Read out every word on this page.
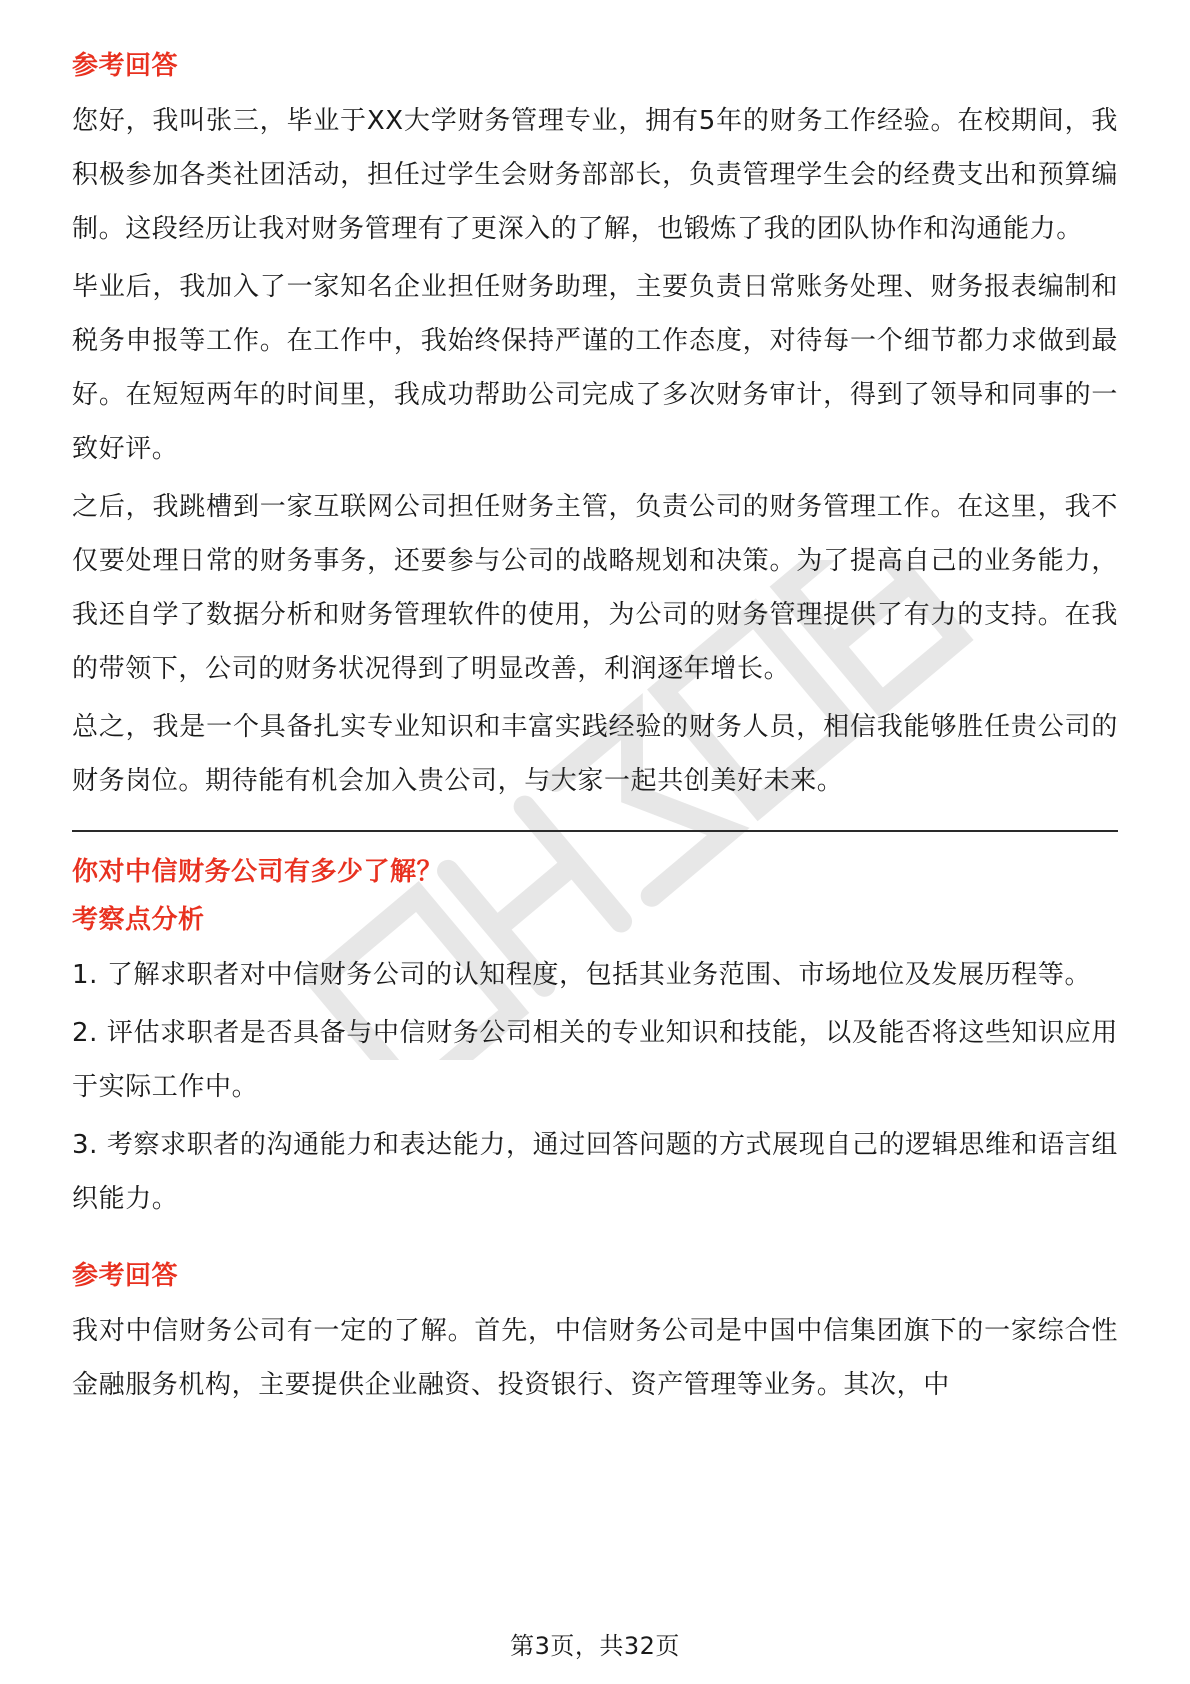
参考回答

您好，我叫张三，毕业于XX大学财务管理专业，拥有5年的财务工作经验。在校期间，我积极参加各类社团活动，担任过学生会财务部部长，负责管理学生会的经费支出和预算编制。这段经历让我对财务管理有了更深入的了解，也锻炼了我的团队协作和沟通能力。

毕业后，我加入了一家知名企业担任财务助理，主要负责日常账务处理、财务报表编制和税务申报等工作。在工作中，我始终保持严谨的工作态度，对待每一个细节都力求做到最好。在短短两年的时间里，我成功帮助公司完成了多次财务审计，得到了领导和同事的一致好评。

之后，我跳槽到一家互联网公司担任财务主管，负责公司的财务管理工作。在这里，我不仅要处理日常的财务事务，还要参与公司的战略规划和决策。为了提高自己的业务能力，我还自学了数据分析和财务管理软件的使用，为公司的财务管理提供了有力的支持。在我的带领下，公司的财务状况得到了明显改善，利润逐年增长。

总之，我是一个具备扎实专业知识和丰富实践经验的财务人员，相信我能够胜任贵公司的财务岗位。期待能有机会加入贵公司，与大家一起共创美好未来。

你对中信财务公司有多少了解？
考察点分析

1. 了解求职者对中信财务公司的认知程度，包括其业务范围、市场地位及发展历程等。

2. 评估求职者是否具备与中信财务公司相关的专业知识和技能，以及能否将这些知识应用于实际工作中。

3. 考察求职者的沟通能力和表达能力，通过回答问题的方式展现自己的逻辑思维和语言组织能力。

参考回答

我对中信财务公司有一定的了解。首先，中信财务公司是中国中信集团旗下的一家综合性金融服务机构，主要提供企业融资、投资银行、资产管理等业务。其次，中

第3页，共32页
